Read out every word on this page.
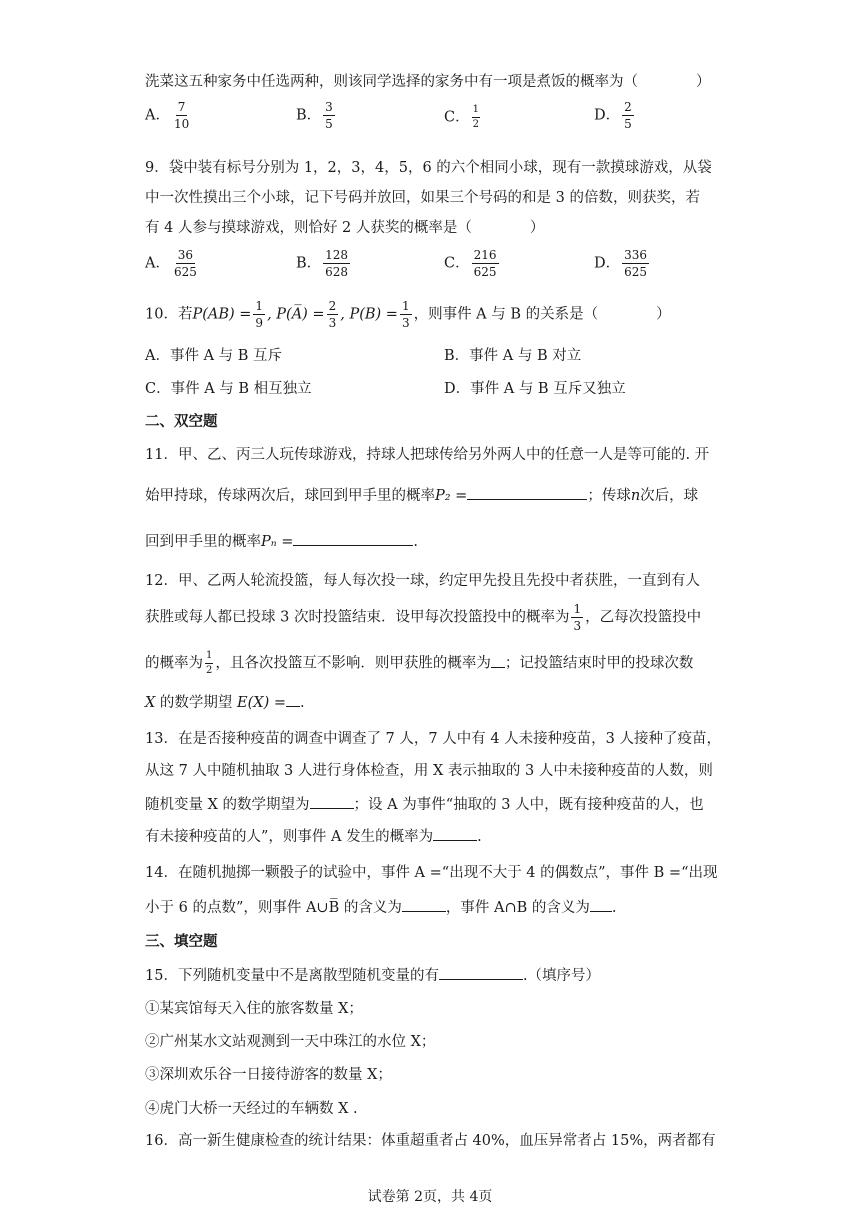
洗菜这五种家务中任选两种，则该同学选择的家务中有一项是煮饭的概率为（　　　　）
A． $\frac{7}{10}$	B． $\frac{3}{5}$	C． $\frac{1}{2}$	D． $\frac{2}{5}$
9．袋中装有标号分别为 1，2，3，4，5，6 的六个相同小球，现有一款摸球游戏，从袋
中一次性摸出三个小球，记下号码并放回，如果三个号码的和是 3 的倍数，则获奖，若
有 4 人参与摸球游戏，则恰好 2 人获奖的概率是（　　　　）
A． $\frac{36}{625}$	B． $\frac{128}{628}$	C． $\frac{216}{625}$	D． $\frac{336}{625}$
10．若$P(AB) = \frac{1}{9}$ , P(A̅) = $\frac{2}{3}$ , $P(B) = \frac{1}{3}$ ，则事件 A 与 B 的关系是（　　　　）
A．事件 A 与 B 互斥	B．事件 A 与 B 对立
C．事件 A 与 B 相互独立	D．事件 A 与 B 互斥又独立
二、双空题
11．甲、乙、丙三人玩传球游戏，持球人把球传给另外两人中的任意一人是等可能的. 开
始甲持球，传球两次后，球回到甲手里的概率P₂ =	；传球n次后，球
回到甲手里的概率Pₙ =	.
12．甲、乙两人轮流投篮，每人每次投一球，约定甲先投且先投中者获胜，一直到有人
获胜或每人都已投球 3 次时投篮结束．设甲每次投篮投中的概率为 $\frac{1}{3}$ ，乙每次投篮投中
的概率为 $\frac{1}{2}$ ，且各次投篮互不影响．则甲获胜的概率为 ；记投篮结束时甲的投球次数
X 的数学期望 E(X) = .
13．在是否接种疫苗的调查中调查了 7 人，7 人中有 4 人未接种疫苗，3 人接种了疫苗，
从这 7 人中随机抽取 3 人进行身体检查，用 X 表示抽取的 3 人中未接种疫苗的人数，则
随机变量 X 的数学期望为	；设 A 为事件“抽取的 3 人中，既有接种疫苗的人，也
有未接种疫苗的人”，则事件 A 发生的概率为	.
14．在随机抛掷一颗骰子的试验中，事件 A =“出现不大于 4 的偶数点”，事件 B =“出现
小于 6 的点数”，则事件 A∪B̅ 的含义为	，事件 A∩B 的含义为 .
三、填空题
15．下列随机变量中不是离散型随机变量的有	.（填序号）
①某宾馆每天入住的旅客数量 X；
②广州某水文站观测到一天中珠江的水位 X；
③深圳欢乐谷一日接待游客的数量 X；
④虎门大桥一天经过的车辆数 X .
16．高一新生健康检查的统计结果：体重超重者占 40%，血压异常者占 15%，两者都有
试卷第 2页，共 4页
